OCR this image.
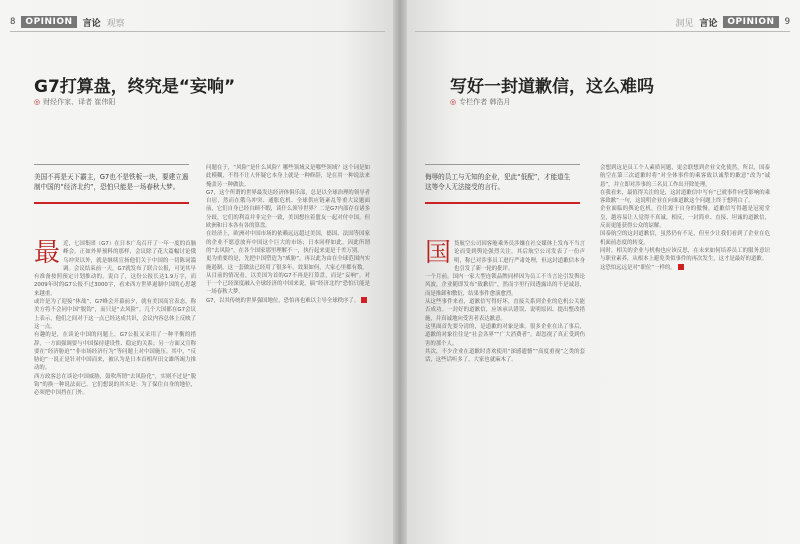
8	OPINION	言论 观察
G7打算盘，终究是“妄响”
◎ 财经作家、译者 崔伟阳
美国不再是天下霸主，G7也不是铁板一块，要建立遏
制中国的“经济北约”，恐怕只能是一场春秋大梦。
最 近，七国集团（G7）在日本广岛召开了一年一度的首脑峰会。正如外界预料的那样，会议除了花大篇幅讨论俄乌冲突以外，就是继续宣扬他们关于中国的一切陈词滥调。会议结束前一天，G7就发布了联合公报，可见其早有准备按照预定计划推动的。说白了，这份公报长达1.9万字，而2009年时的G7公报不过3000字，看来西方世界遏制中国的心思越来越重。

或许是为了迎接“休战”，G7峰会开幕前夕，就有美国高官表态，称美方将不会同中国“脱钩”，而只是“去风险”。几个大国都在G7会议上表示，他们之间对于这一点已经达成共识，会议内容总体上反映了这一点。

有趣的是，在谈论中国的问题上，G7公报又采用了一种平衡的措辞，一方面强调要与中国保持建设性、稳定的关系；另一方面又宣称要在“经济胁迫”“非市场经济行为”等问题上对中国施压。其中，“反胁迫”一说正是针对中国而来，被认为是日本首相岸田文雄所竭力推动的。

西方政客总在谈论中国威胁，鼓吹所谓“去风险化”，实则不过是“脱钩”的换一种说法而已。它们想说的其实是：为了保住自身的地位，必须把中国挡在门外。

问题在于，“风险”是什么风险？哪些领域又是哪些领域？这个词是如此模糊，不得不让人怀疑它本身上就是一种修辞，是在用一种说法来掩盖另一种做法。

G7，这个所谓的世界最发达经济体俱乐部，总是以全球治理的领导者自居，然而在俄乌冲突、通胀危机、全球供应链紊乱等重大议题面前，它们自身已经自顾不暇，谈什么领导世界？二是G7内部存在诸多分歧，它们的利益并非完全一致，美国想拉着盟友一起对付中国，但欧洲和日本各有各的算盘。

在经济上，欧洲对中国市场的依赖远远超过美国，德国、法国等国家的企业不愿意放弃中国这个巨大的市场；日本同样如此。因此所谓的“去风险”，在各个国家那里理解不一，执行起来更是千差万别。

更为重要的是，先把中国塑造为“威胁”，再以此为由在全球范围内实施遏制，这一套做法已经用了很多年，效果如何，大家心里都有数。

从目前的情况看，以美国为首的G7不再是打算盘，而是“妄响”。对于一个已经深度融入全球经济的中国来说，搞“经济北约”恐怕只能是一场春秋大梦。

G7，以其传统的世界强国地位，恐怕再也难以主导全球秩序了。

洞见 言论	OPINION	9
写好一封道歉信，这么难吗
◎ 专栏作者 韩浩月
侮辱的员工与无知的企业，犯此“低配”，才能道生
这等令人无法接受的言行。
国 货航空公司因客舱乘务员涉嫌在社交媒体上发布不当言论而受到舆论强烈关注，其后航空公司发表了一份声明，称已对涉事员工进行严肃处理，但这封道歉信本身也引发了新一轮的批评。

一个月前，国内一家大型连锁品牌同样因为员工不当言论引发舆论风波，企业随即发布“致歉信”，然而字里行间透露出的不是诚恳，而是推卸和敷衍，结果事件愈演愈烈。

从这些事件来看，道歉信写得好坏，直接关系到企业的危机公关能否成功。一封好的道歉信，应该承认错误、说明原因、提出整改措施，并真诚地向受害者表达歉意。

这里面首先要分清的，是道歉的对象是谁。很多企业在出了事后，道歉的对象往往是“社会各界”“广大消费者”，却忽视了真正受到伤害的那个人。

其次，不少企业在道歉时喜欢使用“深感遗憾”“高度重视”之类的套话，这些话听多了，大家也就麻木了。

会想到这是员工个人素质问题，更会联想到企业文化使然。所以，国泰航空在第三次道歉时将“对全体事件的乘客致以诚挚的歉意”改为“诚恳”，并立即对涉事的三名员工作出开除处理。

在我看来，最值得关注的是，这封道歉信中写有“已就事件向受影响的乘客致歉”一句，这说明企业在向谁道歉这个问题上终于想明白了。

企业面临的舆论危机，往往源于自身的傲慢。道歉信写得越是冠冕堂皇，越容易让人觉得不真诚。相反，一封简单、直接、坦诚的道歉信，反而更能获得公众的谅解。

国泰航空的这封道歉信，虽然仍有不足，但至少让我们看到了企业在危机面前态度的转变。

同时，相关的企业与机构也应该反思，在未来如何培养员工的服务意识与职业素养，从根本上避免类似事件的再次发生，这才是最好的道歉。

这恐怕远远是对“职位”一样的。
